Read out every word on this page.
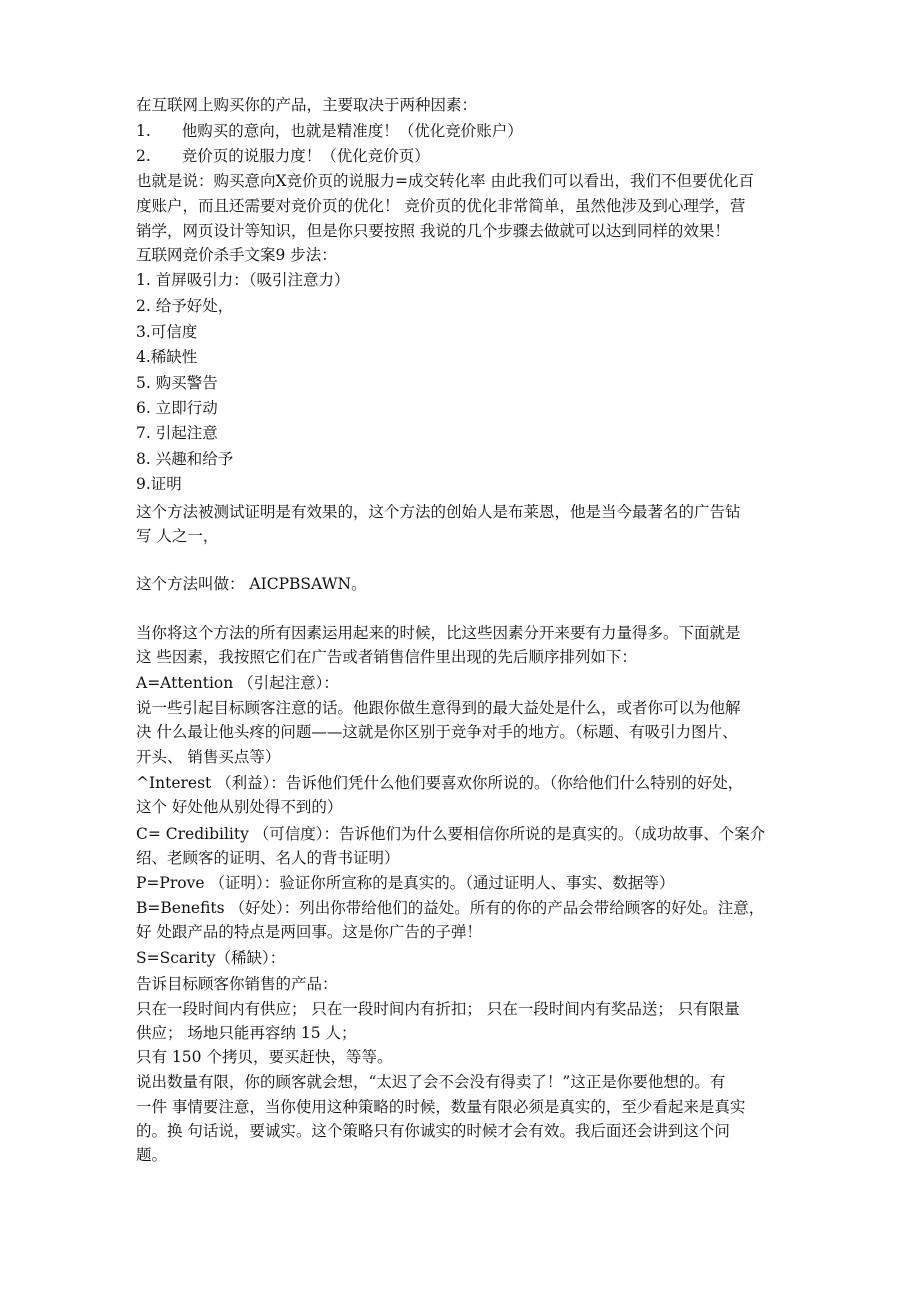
在互联网上购买你的产品，主要取决于两种因素：
1.　　他购买的意向，也就是精准度！（优化竞价账户）
2.　　竞价页的说服力度！（优化竞价页）
也就是说：购买意向X竞价页的说服力=成交转化率 由此我们可以看出，我们不但要优化百
度账户，而且还需要对竞价页的优化！ 竞价页的优化非常简单，虽然他涉及到心理学，营
销学，网页设计等知识，但是你只要按照 我说的几个步骤去做就可以达到同样的效果！
互联网竞价杀手文案9 步法：
1. 首屏吸引力：（吸引注意力）
2. 给予好处，
3.可信度
4.稀缺性
5. 购买警告
6. 立即行动
7. 引起注意
8. 兴趣和给予
9.证明
这个方法被测试证明是有效果的，这个方法的创始人是布莱恩，他是当今最著名的广告钻
写 人之一，
这个方法叫做： AICPBSAWN。
当你将这个方法的所有因素运用起来的时候，比这些因素分开来要有力量得多。下面就是
这 些因素，我按照它们在广告或者销售信件里出现的先后顺序排列如下：
A=Attention （引起注意）：
说一些引起目标顾客注意的话。他跟你做生意得到的最大益处是什么，或者你可以为他解
决 什么最让他头疼的问题——这就是你区别于竞争对手的地方。（标题、有吸引力图片、
开头、 销售买点等）
^Interest （利益）：告诉他们凭什么他们要喜欢你所说的。（你给他们什么特别的好处，
这个 好处他从别处得不到的）
C= Credibility （可信度）：告诉他们为什么要相信你所说的是真实的。（成功故事、个案介
绍、老顾客的证明、名人的背书证明）
P=Prove （证明）：验证你所宣称的是真实的。（通过证明人、事实、数据等）
B=Benefits （好处）：列出你带给他们的益处。所有的你的产品会带给顾客的好处。注意，
好 处跟产品的特点是两回事。这是你广告的子弹！
S=Scarity（稀缺）：
告诉目标顾客你销售的产品：
只在一段时间内有供应； 只在一段时间内有折扣； 只在一段时间内有奖品送； 只有限量
供应； 场地只能再容纳 15 人；
只有 150 个拷贝，要买赶快，等等。
说出数量有限，你的顾客就会想，“太迟了会不会没有得卖了！”这正是你要他想的。有
一件 事情要注意，当你使用这种策略的时候，数量有限必须是真实的，至少看起来是真实
的。换 句话说，要诚实。这个策略只有你诚实的时候才会有效。我后面还会讲到这个问
题。
